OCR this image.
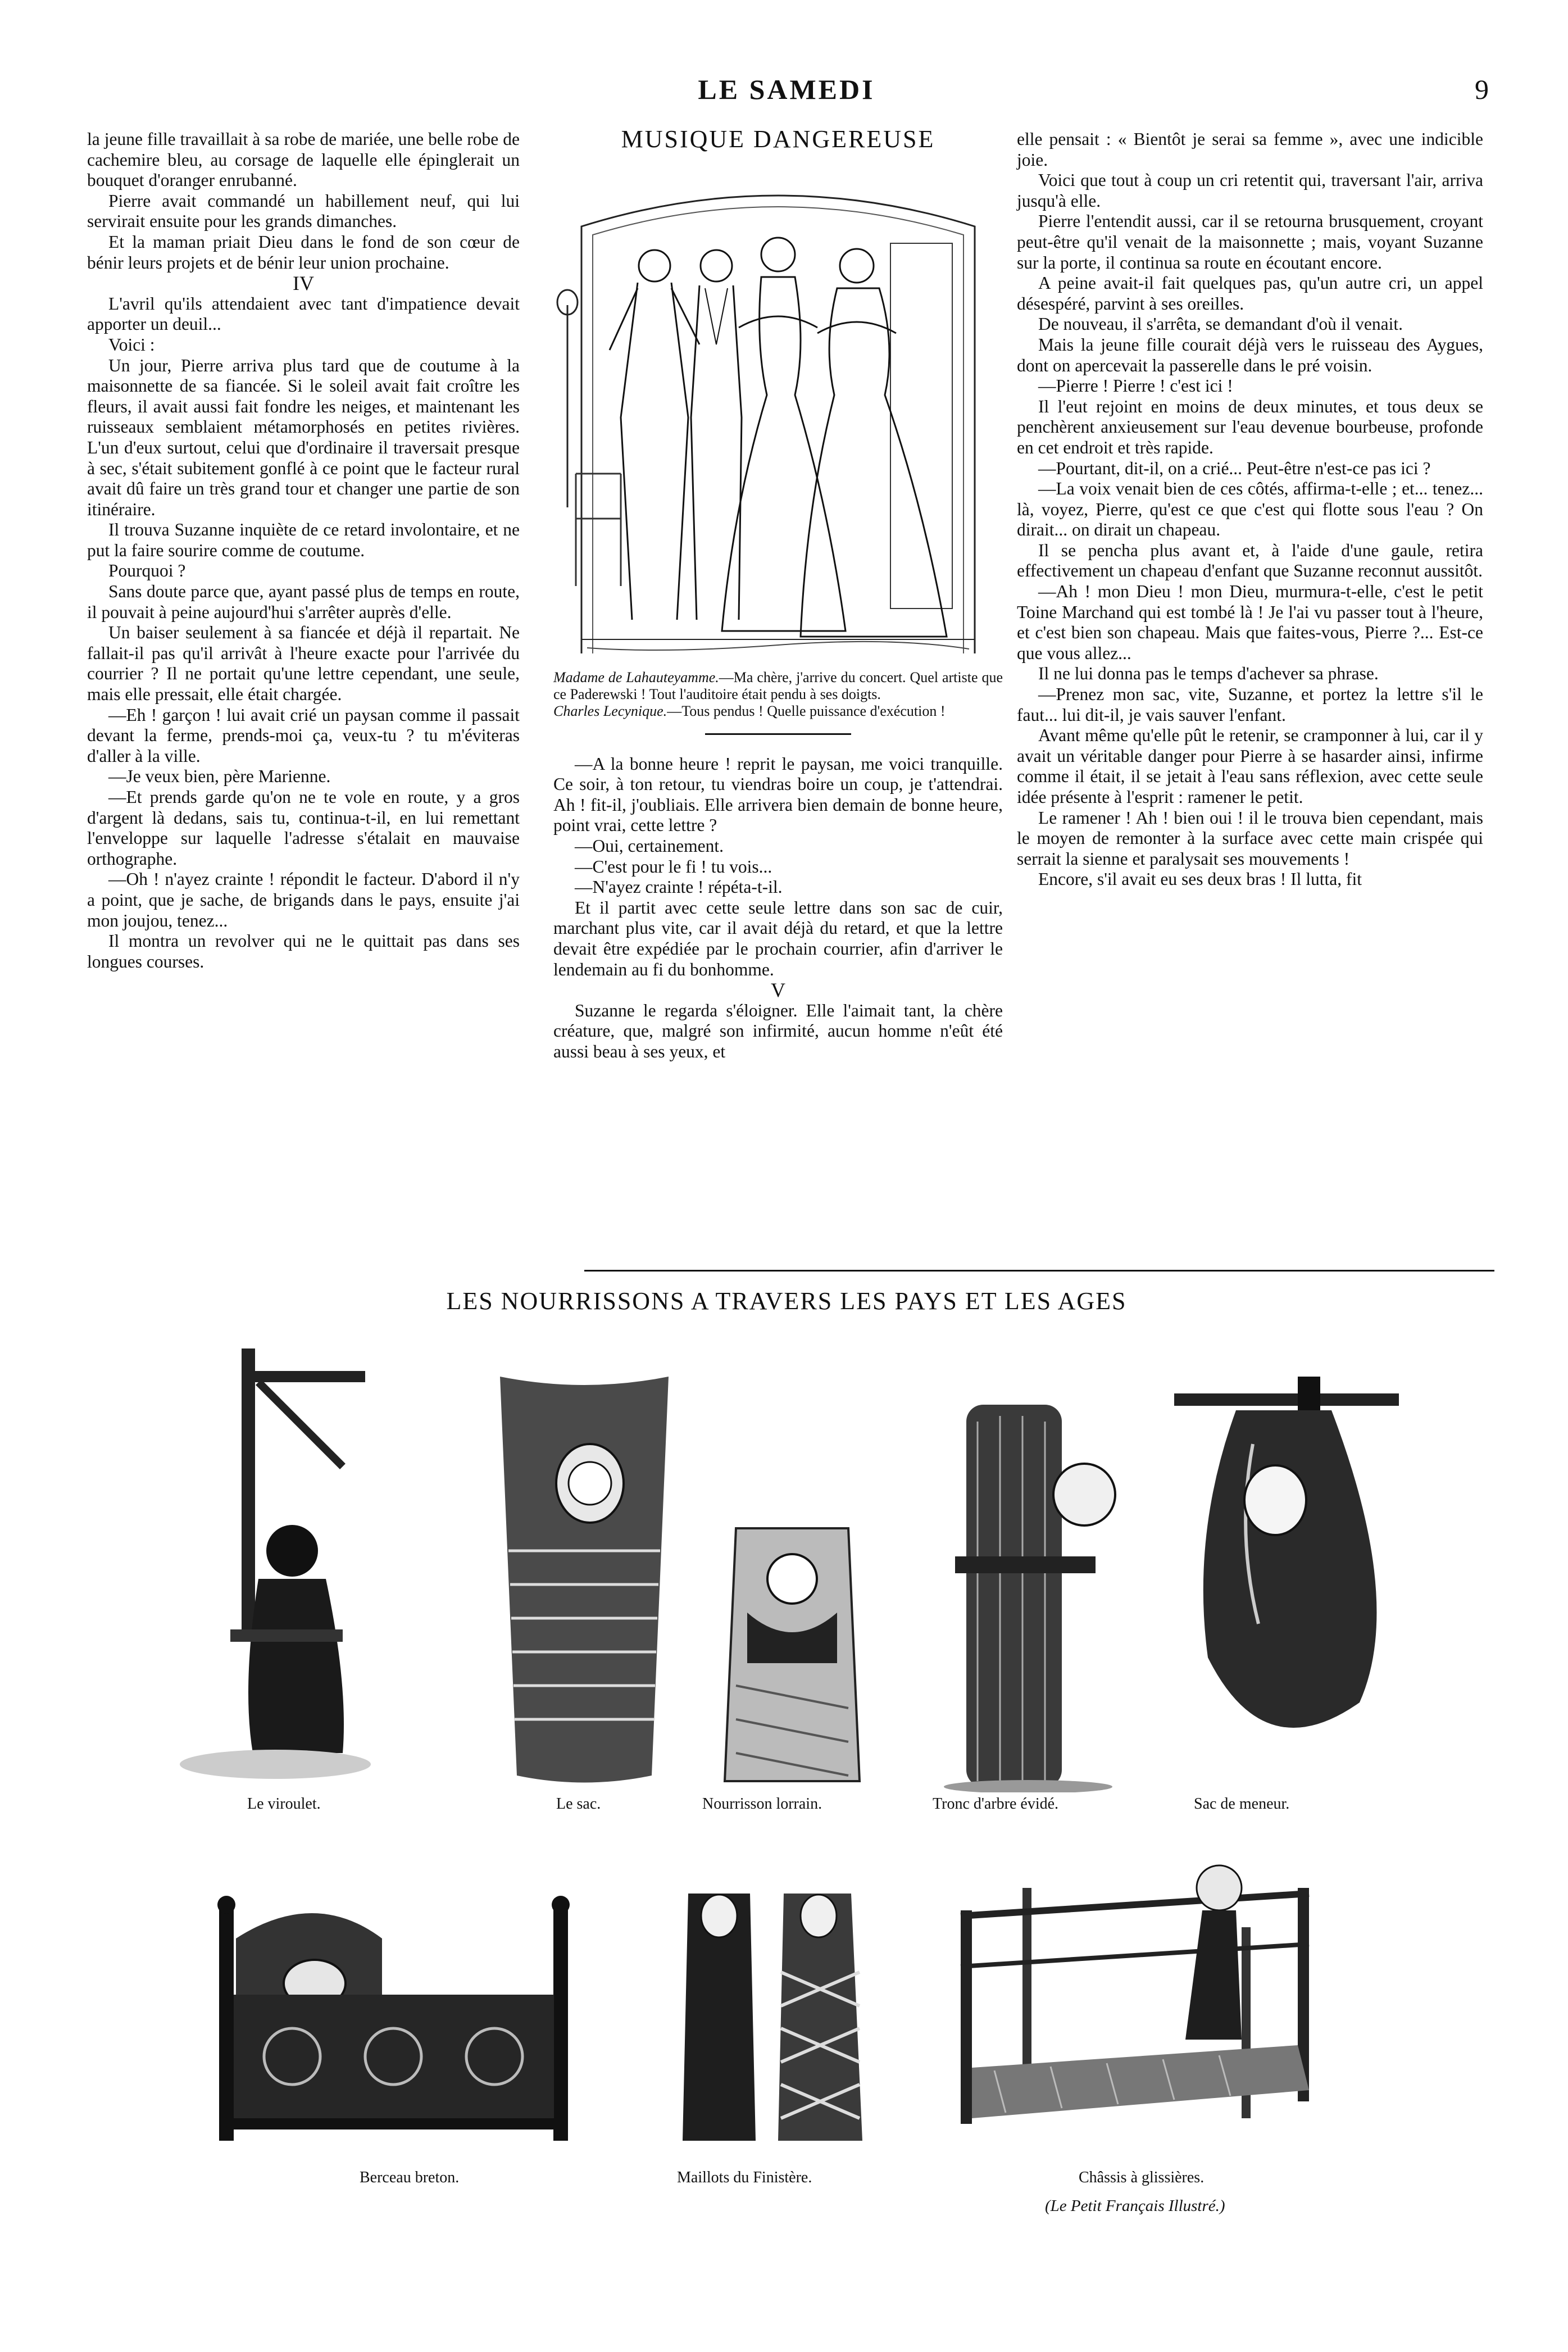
LE SAMEDI	9

la jeune fille travaillait à sa robe de mariée, une belle robe de cachemire bleu, au corsage de laquelle elle épinglerait un bouquet d'oranger enrubanné.

Pierre avait commandé un habillement neuf, qui lui servirait ensuite pour les grands dimanches.

Et la maman priait Dieu dans le fond de son cœur de bénir leurs projets et de bénir leur union prochaine.

IV

L'avril qu'ils attendaient avec tant d'impatience devait apporter un deuil...

Voici :

Un jour, Pierre arriva plus tard que de coutume à la maisonnette de sa fiancée. Si le soleil avait fait croître les fleurs, il avait aussi fait fondre les neiges, et maintenant les ruisseaux semblaient métamorphosés en petites rivières. L'un d'eux surtout, celui que d'ordinaire il traversait presque à sec, s'était subitement gonflé à ce point que le facteur rural avait dû faire un très grand tour et changer une partie de son itinéraire.

Il trouva Suzanne inquiète de ce retard involontaire, et ne put la faire sourire comme de coutume.

Pourquoi ?

Sans doute parce que, ayant passé plus de temps en route, il pouvait à peine aujourd'hui s'arrêter auprès d'elle.

Un baiser seulement à sa fiancée et déjà il repartait. Ne fallait-il pas qu'il arrivât à l'heure exacte pour l'arrivée du courrier ? Il ne portait qu'une lettre cependant, une seule, mais elle pressait, elle était chargée.

—Eh ! garçon ! lui avait crié un paysan comme il passait devant la ferme, prends-moi ça, veux-tu ? tu m'éviteras d'aller à la ville.

—Je veux bien, père Marienne.

—Et prends garde qu'on ne te vole en route, y a gros d'argent là dedans, sais tu, continua-t-il, en lui remettant l'enveloppe sur laquelle l'adresse s'étalait en mauvaise orthographe.

—Oh ! n'ayez crainte ! répondit le facteur. D'abord il n'y a point, que je sache, de brigands dans le pays, ensuite j'ai mon joujou, tenez...

Il montra un revolver qui ne le quittait pas dans ses longues courses.

MUSIQUE DANGEREUSE
Madame de Lahauteyamme.—Ma chère, j'arrive du concert. Quel artiste que ce Paderewski ! Tout l'auditoire était pendu à ses doigts.
Charles Lecynique.—Tous pendus ! Quelle puissance d'exécution !

—A la bonne heure ! reprit le paysan, me voici tranquille. Ce soir, à ton retour, tu viendras boire un coup, je t'attendrai. Ah ! fit-il, j'oubliais. Elle arrivera bien demain de bonne heure, point vrai, cette lettre ?

—Oui, certainement.

—C'est pour le fi ! tu vois...

—N'ayez crainte ! répéta-t-il.

Et il partit avec cette seule lettre dans son sac de cuir, marchant plus vite, car il avait déjà du retard, et que la lettre devait être expédiée par le prochain courrier, afin d'arriver le lendemain au fi du bonhomme.

V

Suzanne le regarda s'éloigner. Elle l'aimait tant, la chère créature, que, malgré son infirmité, aucun homme n'eût été aussi beau à ses yeux, et

elle pensait : « Bientôt je serai sa femme », avec une indicible joie.

Voici que tout à coup un cri retentit qui, traversant l'air, arriva jusqu'à elle.

Pierre l'entendit aussi, car il se retourna brusquement, croyant peut-être qu'il venait de la maisonnette ; mais, voyant Suzanne sur la porte, il continua sa route en écoutant encore.

A peine avait-il fait quelques pas, qu'un autre cri, un appel désespéré, parvint à ses oreilles.

De nouveau, il s'arrêta, se demandant d'où il venait.

Mais la jeune fille courait déjà vers le ruisseau des Aygues, dont on apercevait la passerelle dans le pré voisin.

—Pierre ! Pierre ! c'est ici !

Il l'eut rejoint en moins de deux minutes, et tous deux se penchèrent anxieusement sur l'eau devenue bourbeuse, profonde en cet endroit et très rapide.

—Pourtant, dit-il, on a crié... Peut-être n'est-ce pas ici ?

—La voix venait bien de ces côtés, affirma-t-elle ; et... tenez... là, voyez, Pierre, qu'est ce que c'est qui flotte sous l'eau ? On dirait... on dirait un chapeau.

Il se pencha plus avant et, à l'aide d'une gaule, retira effectivement un chapeau d'enfant que Suzanne reconnut aussitôt.

—Ah ! mon Dieu ! mon Dieu, murmura-t-elle, c'est le petit Toine Marchand qui est tombé là ! Je l'ai vu passer tout à l'heure, et c'est bien son chapeau. Mais que faites-vous, Pierre ?... Est-ce que vous allez...

Il ne lui donna pas le temps d'achever sa phrase.

—Prenez mon sac, vite, Suzanne, et portez la lettre s'il le faut... lui dit-il, je vais sauver l'enfant.

Avant même qu'elle pût le retenir, se cramponner à lui, car il y avait un véritable danger pour Pierre à se hasarder ainsi, infirme comme il était, il se jetait à l'eau sans réflexion, avec cette seule idée présente à l'esprit : ramener le petit.

Le ramener ! Ah ! bien oui ! il le trouva bien cependant, mais le moyen de remonter à la surface avec cette main crispée qui serrait la sienne et paralysait ses mouvements !

Encore, s'il avait eu ses deux bras ! Il lutta, fit

LES NOURRISSONS A TRAVERS LES PAYS ET LES AGES
Le viroulet.	Le sac.	Nourrisson lorrain.	Tronc d'arbre évidé.	Sac de meneur.
Berceau breton.	Maillots du Finistère.	Châssis à glissières.
(Le Petit Français Illustré.)
